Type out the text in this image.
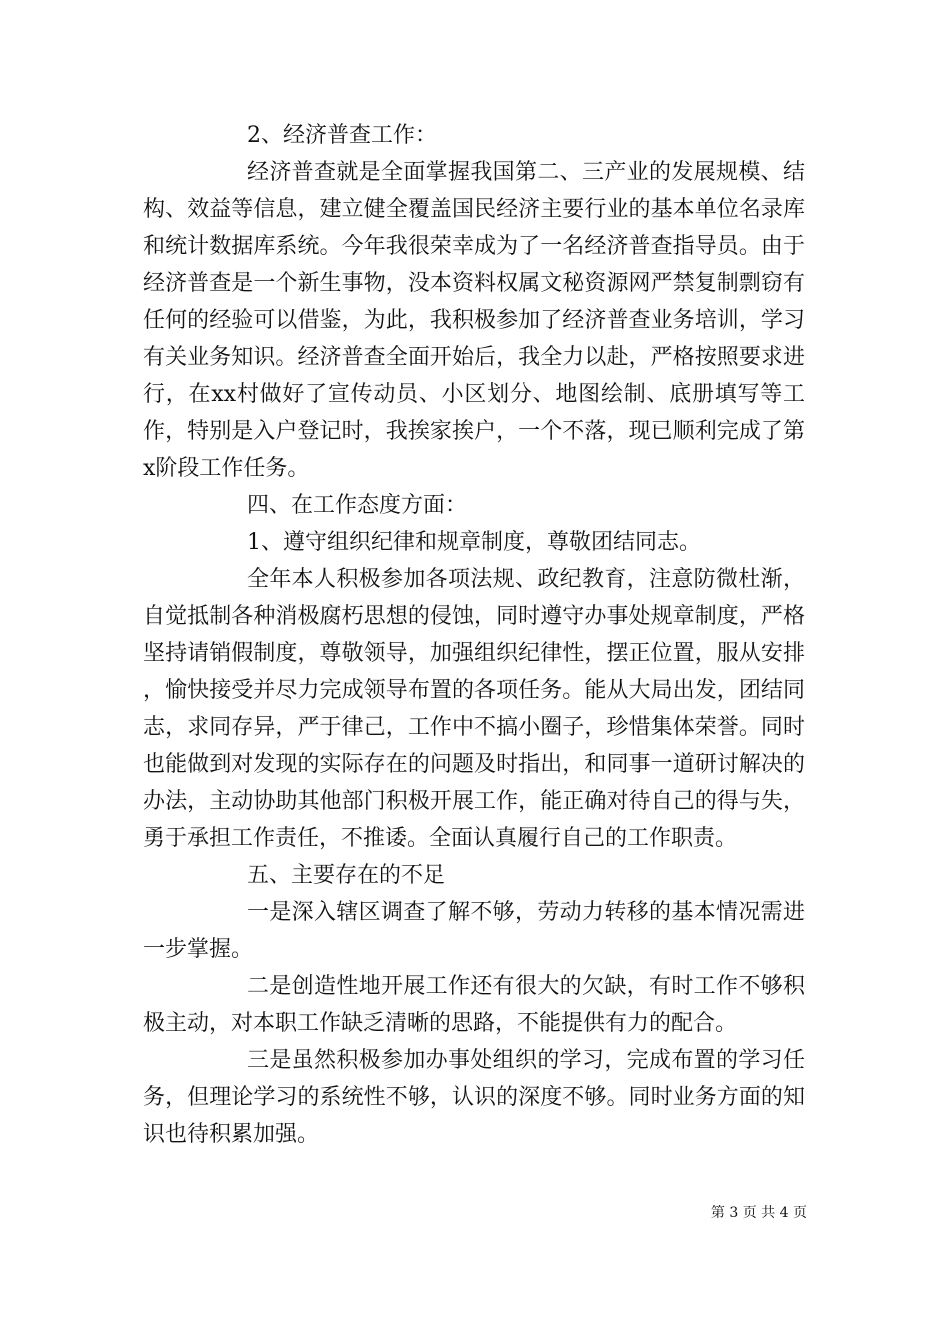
2、经济普查工作：

经济普查就是全面掌握我国第二、三产业的发展规模、结构、效益等信息，建立健全覆盖国民经济主要行业的基本单位名录库和统计数据库系统。今年我很荣幸成为了一名经济普查指导员。由于经济普查是一个新生事物，没本资料权属文秘资源网严禁复制剽窃有任何的经验可以借鉴，为此，我积极参加了经济普查业务培训，学习有关业务知识。经济普查全面开始后，我全力以赴，严格按照要求进行，在xx村做好了宣传动员、小区划分、地图绘制、底册填写等工作，特别是入户登记时，我挨家挨户，一个不落，现已顺利完成了第x阶段工作任务。

四、在工作态度方面：

1、遵守组织纪律和规章制度，尊敬团结同志。

全年本人积极参加各项法规、政纪教育，注意防微杜渐，自觉抵制各种消极腐朽思想的侵蚀，同时遵守办事处规章制度，严格坚持请销假制度，尊敬领导，加强组织纪律性，摆正位置，服从安排，愉快接受并尽力完成领导布置的各项任务。能从大局出发，团结同志，求同存异，严于律己，工作中不搞小圈子，珍惜集体荣誉。同时也能做到对发现的实际存在的问题及时指出，和同事一道研讨解决的办法，主动协助其他部门积极开展工作，能正确对待自己的得与失，勇于承担工作责任，不推诿。全面认真履行自己的工作职责。

五、主要存在的不足

一是深入辖区调查了解不够，劳动力转移的基本情况需进一步掌握。

二是创造性地开展工作还有很大的欠缺，有时工作不够积极主动，对本职工作缺乏清晰的思路，不能提供有力的配合。

三是虽然积极参加办事处组织的学习，完成布置的学习任务，但理论学习的系统性不够，认识的深度不够。同时业务方面的知识也待积累加强。

第 3 页 共 4 页
